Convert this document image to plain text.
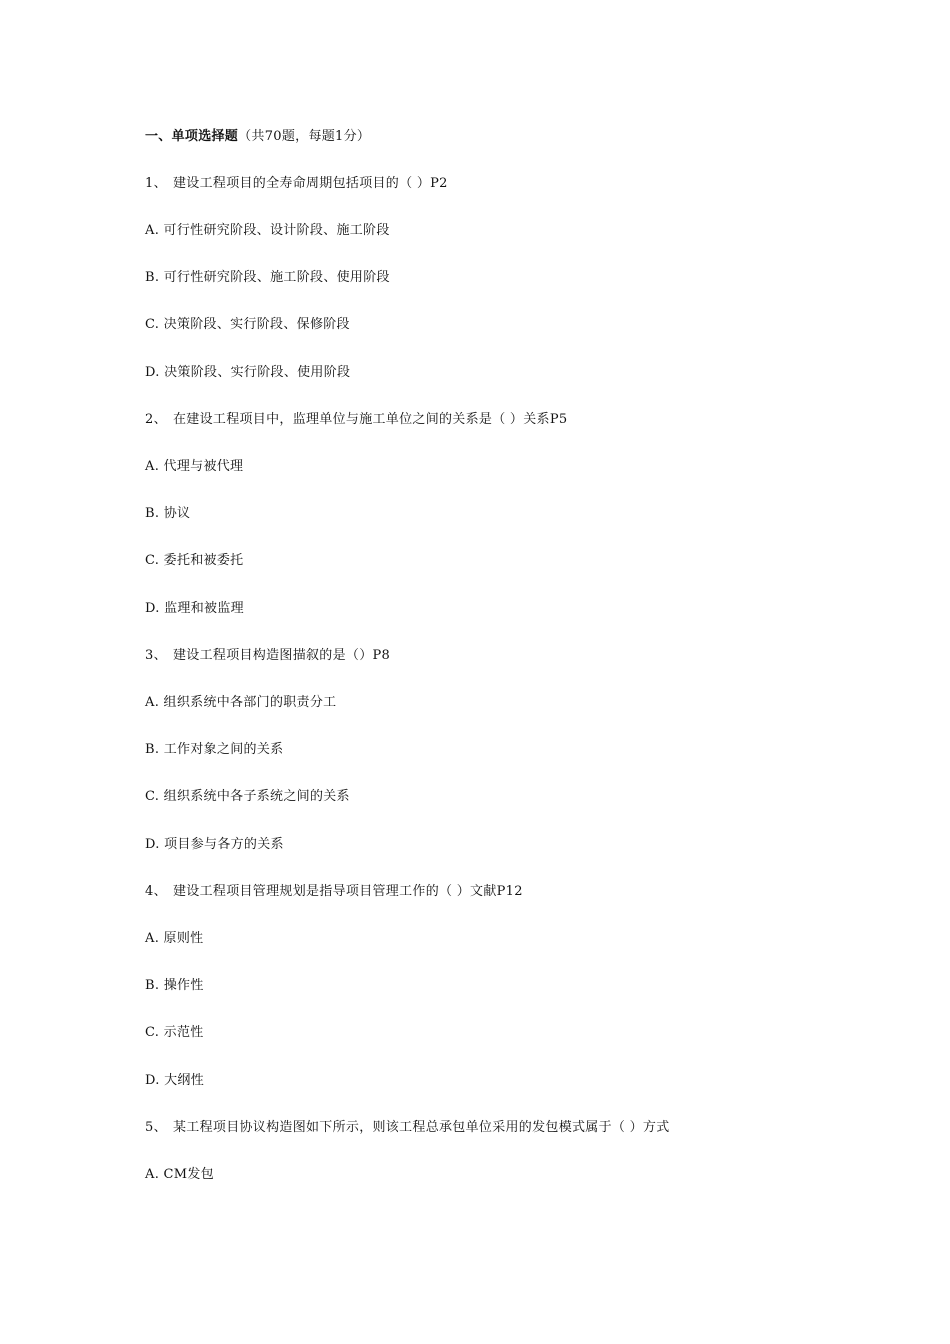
一、单项选择题（共70题，每题1分）
1、 建设工程项目的全寿命周期包括项目的（ ）P2
A. 可行性研究阶段、设计阶段、施工阶段
B. 可行性研究阶段、施工阶段、使用阶段
C. 决策阶段、实行阶段、保修阶段
D. 决策阶段、实行阶段、使用阶段
2、 在建设工程项目中，监理单位与施工单位之间的关系是（ ）关系P5
A. 代理与被代理
B. 协议
C. 委托和被委托
D. 监理和被监理
3、 建设工程项目构造图描叙的是（）P8
A. 组织系统中各部门的职责分工
B. 工作对象之间的关系
C. 组织系统中各子系统之间的关系
D. 项目参与各方的关系
4、 建设工程项目管理规划是指导项目管理工作的（ ）文献P12
A. 原则性
B. 操作性
C. 示范性
D. 大纲性
5、 某工程项目协议构造图如下所示，则该工程总承包单位采用的发包模式属于（ ）方式
A. CM发包
